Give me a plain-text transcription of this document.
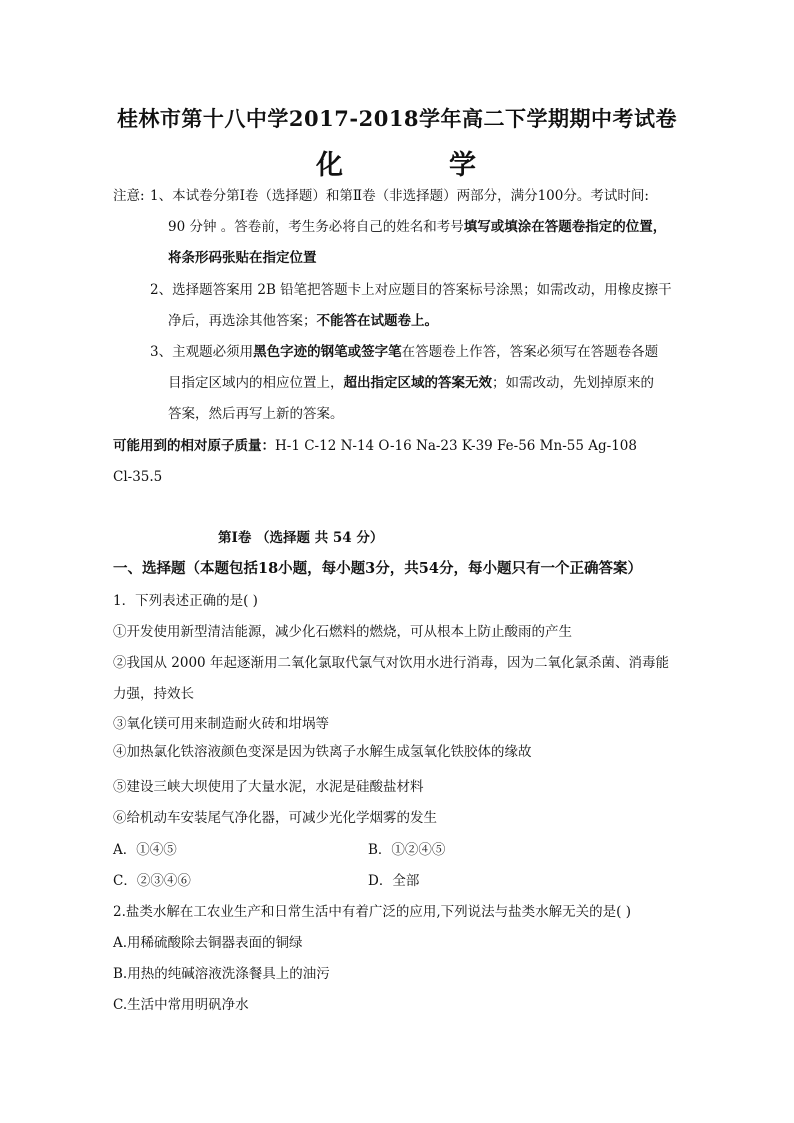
桂林市第十八中学2017-2018学年高二下学期期中考试卷
化	学
注意: 1、本试卷分第Ⅰ卷（选择题）和第Ⅱ卷（非选择题）两部分，满分100分。考试时间:
90 分钟 。答卷前，考生务必将自己的姓名和考号填写或填涂在答题卷指定的位置，
将条形码张贴在指定位置
2、选择题答案用 2B 铅笔把答题卡上对应题目的答案标号涂黑；如需改动，用橡皮擦干
净后，再选涂其他答案；不能答在试题卷上。
3、主观题必须用黑色字迹的钢笔或签字笔在答题卷上作答，答案必须写在答题卷各题
目指定区域内的相应位置上，超出指定区域的答案无效；如需改动，先划掉原来的
答案，然后再写上新的答案。
可能用到的相对原子质量：H-1 C-12 N-14 O-16 Na-23 K-39 Fe-56 Mn-55 Ag-108
Cl-35.5
第Ⅰ卷 （选择题 共 54 分）
一、选择题（本题包括18小题，每小题3分，共54分，每小题只有一个正确答案）
1．下列表述正确的是( )
①开发使用新型清洁能源，减少化石燃料的燃烧，可从根本上防止酸雨的产生
②我国从 2000 年起逐渐用二氧化氯取代氯气对饮用水进行消毒，因为二氧化氯杀菌、消毒能
力强，持效长
③氧化镁可用来制造耐火砖和坩埚等
④加热氯化铁溶液颜色变深是因为铁离子水解生成氢氧化铁胶体的缘故
⑤建设三峡大坝使用了大量水泥，水泥是硅酸盐材料
⑥给机动车安装尾气净化器，可减少光化学烟雾的发生
A．①④⑤	B．①②④⑤
C．②③④⑥	D．全部
2.盐类水解在工农业生产和日常生活中有着广泛的应用,下列说法与盐类水解无关的是( )
A.用稀硫酸除去铜器表面的铜绿
B.用热的纯碱溶液洗涤餐具上的油污
C.生活中常用明矾净水
